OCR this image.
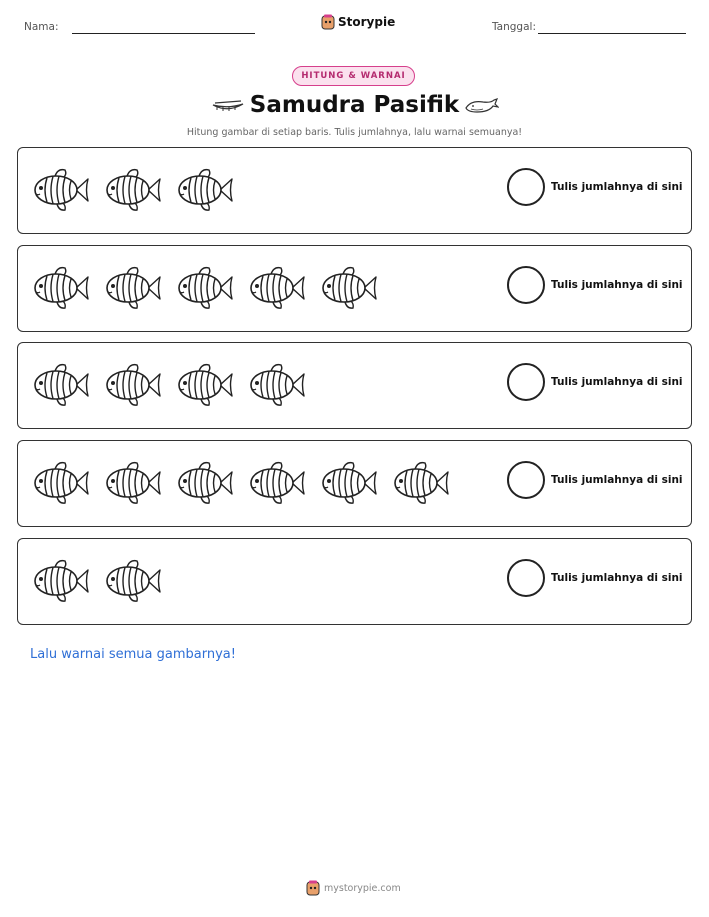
Nama:	Storypie	Tanggal:
HITUNG & WARNAI
Samudra Pasifik
Hitung gambar di setiap baris. Tulis jumlahnya, lalu warnai semuanya!
Tulis jumlahnya di sini
Tulis jumlahnya di sini
Tulis jumlahnya di sini
Tulis jumlahnya di sini
Tulis jumlahnya di sini
Lalu warnai semua gambarnya!
mystorypie.com
